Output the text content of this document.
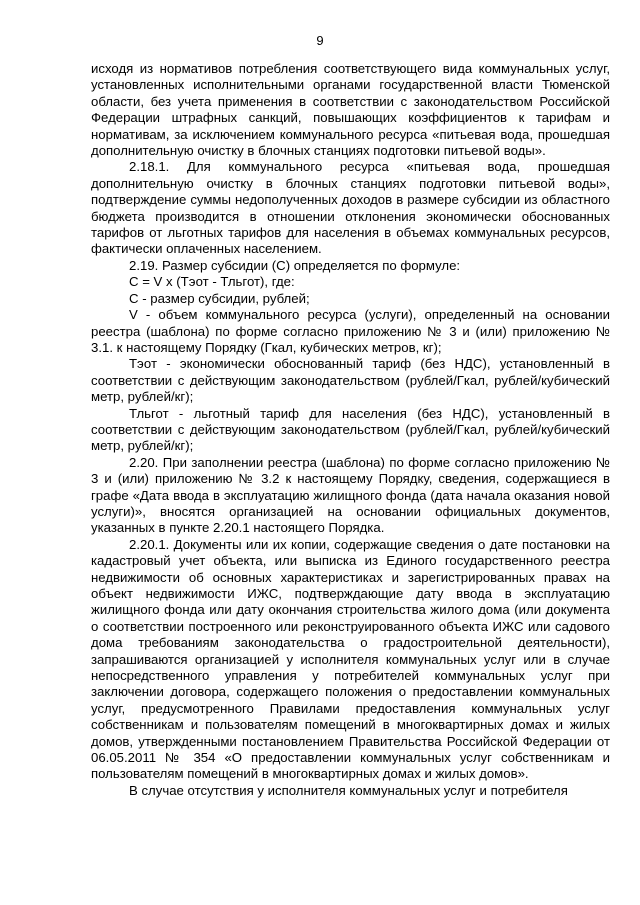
9

исходя из нормативов потребления соответствующего вида коммунальных услуг, установленных исполнительными органами государственной власти Тюменской области, без учета применения в соответствии с законодательством Российской Федерации штрафных санкций, повышающих коэффициентов к тарифам и нормативам, за исключением коммунального ресурса «питьевая вода, прошедшая дополнительную очистку в блочных станциях подготовки питьевой воды».

2.18.1. Для коммунального ресурса «питьевая вода, прошедшая дополнительную очистку в блочных станциях подготовки питьевой воды», подтверждение суммы недополученных доходов в размере субсидии из областного бюджета производится в отношении отклонения экономически обоснованных тарифов от льготных тарифов для населения в объемах коммунальных ресурсов, фактически оплаченных населением.

2.19. Размер субсидии (С) определяется по формуле:

С = V х (Тэот - Тльгот), где:

С - размер субсидии, рублей;

V - объем коммунального ресурса (услуги), определенный на основании реестра (шаблона) по форме согласно приложению № 3 и (или) приложению № 3.1. к настоящему Порядку (Гкал, кубических метров, кг);

Тэот - экономически обоснованный тариф (без НДС), установленный в соответствии с действующим законодательством (рублей/Гкал, рублей/кубический метр, рублей/кг);

Тльгот - льготный тариф для населения (без НДС), установленный в соответствии с действующим законодательством (рублей/Гкал, рублей/кубический метр, рублей/кг);

2.20. При заполнении реестра (шаблона) по форме согласно приложению № 3 и (или) приложению № 3.2 к настоящему Порядку, сведения, содержащиеся в графе «Дата ввода в эксплуатацию жилищного фонда (дата начала оказания новой услуги)», вносятся организацией на основании официальных документов, указанных в пункте 2.20.1 настоящего Порядка.

2.20.1. Документы или их копии, содержащие сведения о дате постановки на кадастровый учет объекта, или выписка из Единого государственного реестра недвижимости об основных характеристиках и зарегистрированных правах на объект недвижимости ИЖС, подтверждающие дату ввода в эксплуатацию жилищного фонда или дату окончания строительства жилого дома (или документа о соответствии построенного или реконструированного объекта ИЖС или садового дома требованиям законодательства о градостроительной деятельности), запрашиваются организацией у исполнителя коммунальных услуг или в случае непосредственного управления у потребителей коммунальных услуг при заключении договора, содержащего положения о предоставлении коммунальных услуг, предусмотренного Правилами предоставления коммунальных услуг собственникам и пользователям помещений в многоквартирных домах и жилых домов, утвержденными постановлением Правительства Российской Федерации от 06.05.2011 № 354 «О предоставлении коммунальных услуг собственникам и пользователям помещений в многоквартирных домах и жилых домов».

В случае отсутствия у исполнителя коммунальных услуг и потребителя
